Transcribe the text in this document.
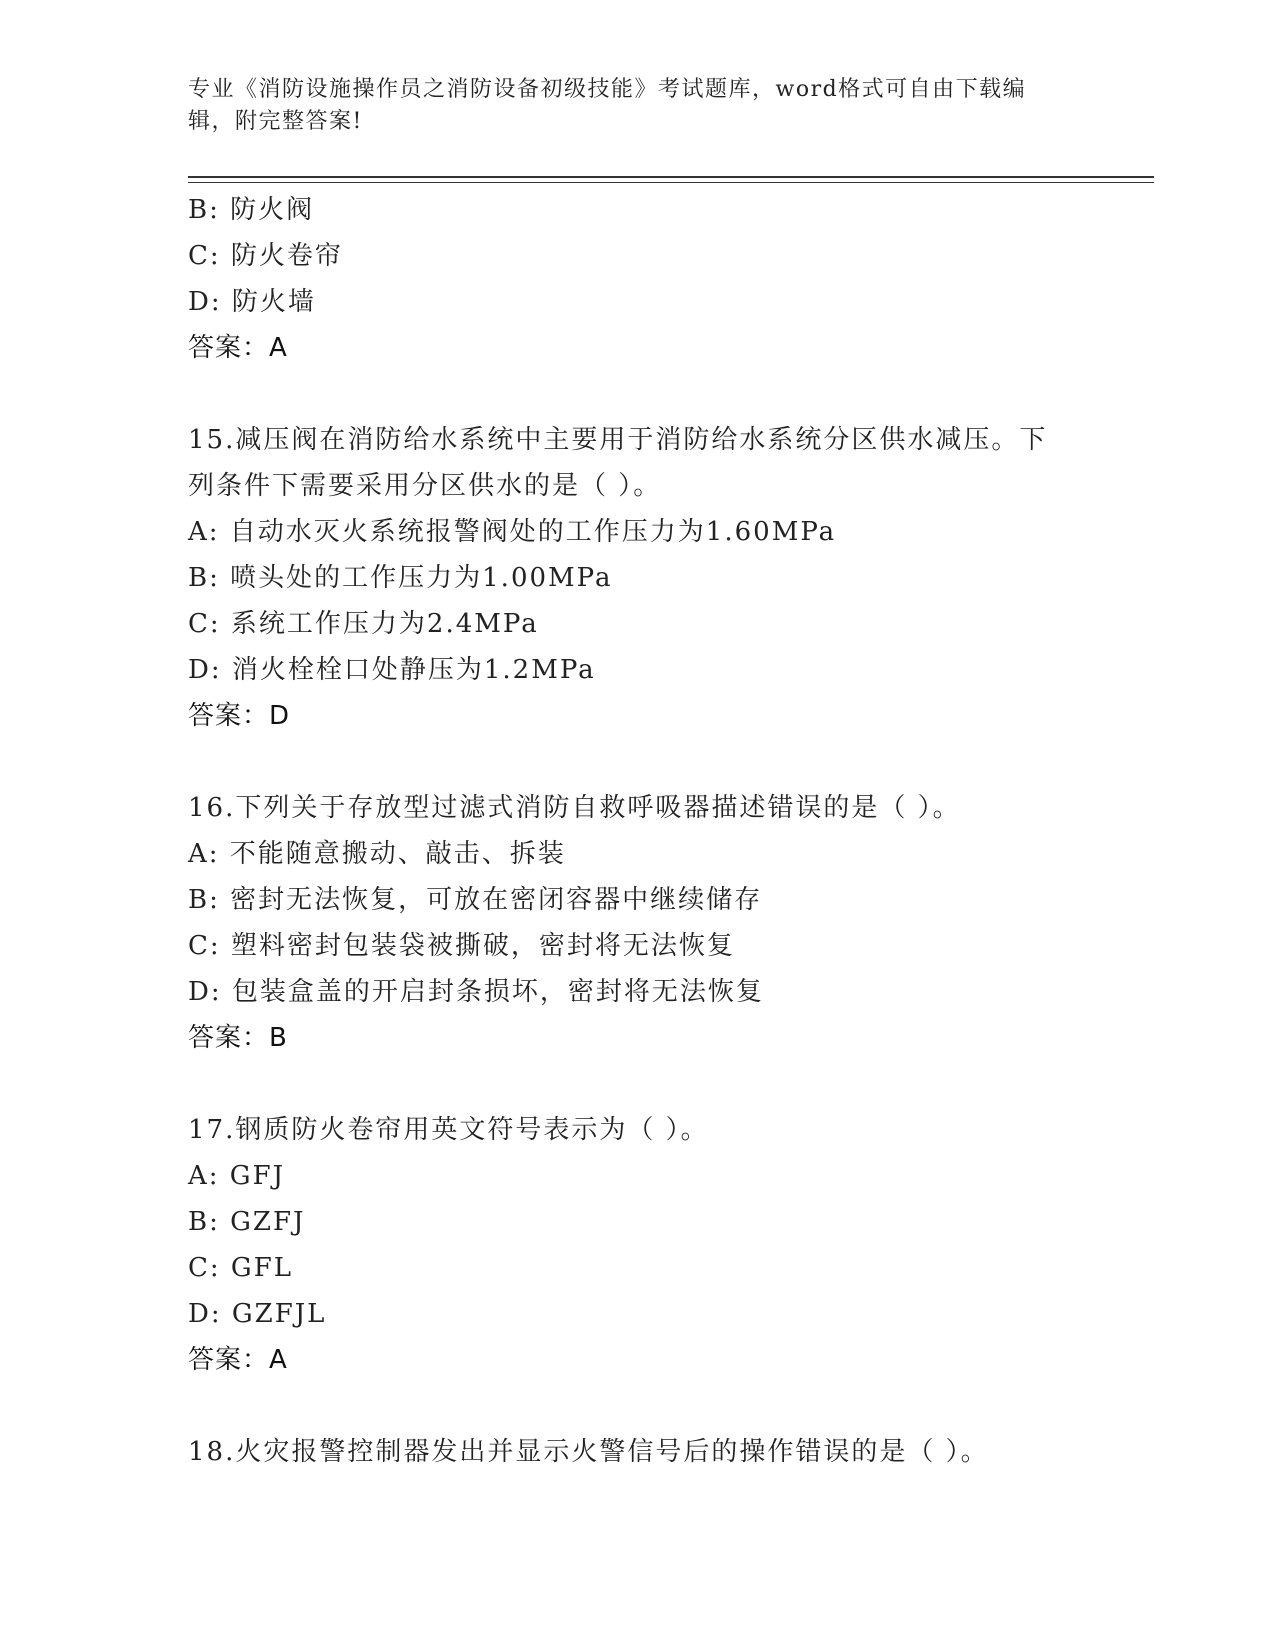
专业《消防设施操作员之消防设备初级技能》考试题库，word格式可自由下载编
辑，附完整答案!
B: 防火阀
C: 防火卷帘
D: 防火墙
答案：A
15.减压阀在消防给水系统中主要用于消防给水系统分区供水减压。下
列条件下需要采用分区供水的是（ ）。
A: 自动水灭火系统报警阀处的工作压力为1.60MPa
B: 喷头处的工作压力为1.00MPa
C: 系统工作压力为2.4MPa
D: 消火栓栓口处静压为1.2MPa
答案：D
16.下列关于存放型过滤式消防自救呼吸器描述错误的是（ ）。
A: 不能随意搬动、敲击、拆装
B: 密封无法恢复，可放在密闭容器中继续储存
C: 塑料密封包装袋被撕破，密封将无法恢复
D: 包装盒盖的开启封条损坏，密封将无法恢复
答案：B
17.钢质防火卷帘用英文符号表示为（ ）。
A: GFJ
B: GZFJ
C: GFL
D: GZFJL
答案：A
18.火灾报警控制器发出并显示火警信号后的操作错误的是（ ）。
